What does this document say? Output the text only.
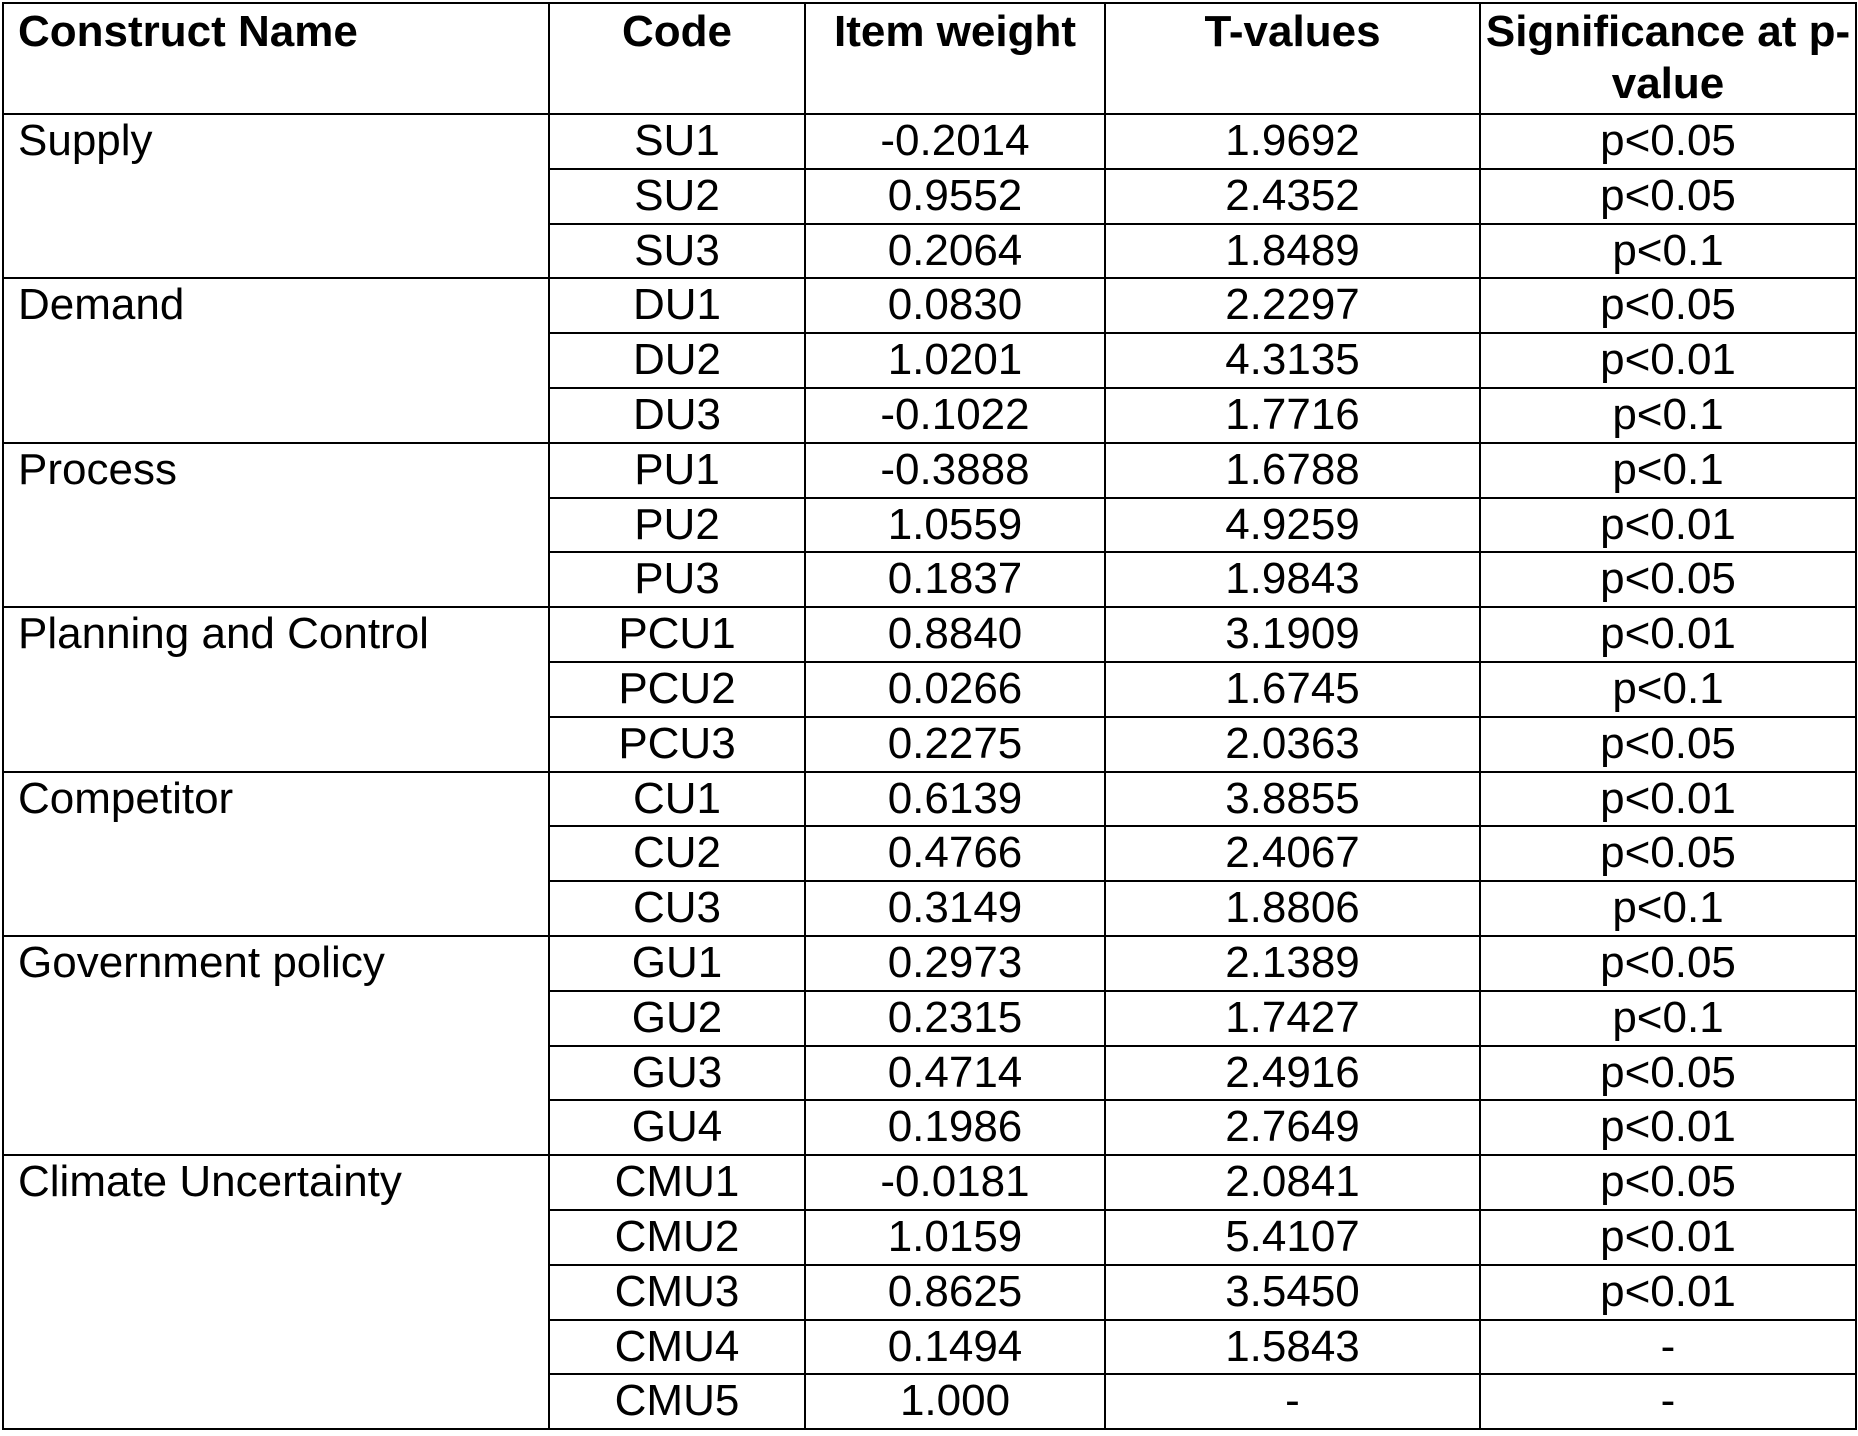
Construct Name	Code	Item weight	T-values	Significance at p-value
Supply	SU1	-0.2014	1.9692	p<0.05
	SU2	0.9552	2.4352	p<0.05
	SU3	0.2064	1.8489	p<0.1
Demand	DU1	0.0830	2.2297	p<0.05
	DU2	1.0201	4.3135	p<0.01
	DU3	-0.1022	1.7716	p<0.1
Process	PU1	-0.3888	1.6788	p<0.1
	PU2	1.0559	4.9259	p<0.01
	PU3	0.1837	1.9843	p<0.05
Planning and Control	PCU1	0.8840	3.1909	p<0.01
	PCU2	0.0266	1.6745	p<0.1
	PCU3	0.2275	2.0363	p<0.05
Competitor	CU1	0.6139	3.8855	p<0.01
	CU2	0.4766	2.4067	p<0.05
	CU3	0.3149	1.8806	p<0.1
Government policy	GU1	0.2973	2.1389	p<0.05
	GU2	0.2315	1.7427	p<0.1
	GU3	0.4714	2.4916	p<0.05
	GU4	0.1986	2.7649	p<0.01
Climate Uncertainty	CMU1	-0.0181	2.0841	p<0.05
	CMU2	1.0159	5.4107	p<0.01
	CMU3	0.8625	3.5450	p<0.01
	CMU4	0.1494	1.5843	-
	CMU5	1.000	-	-
